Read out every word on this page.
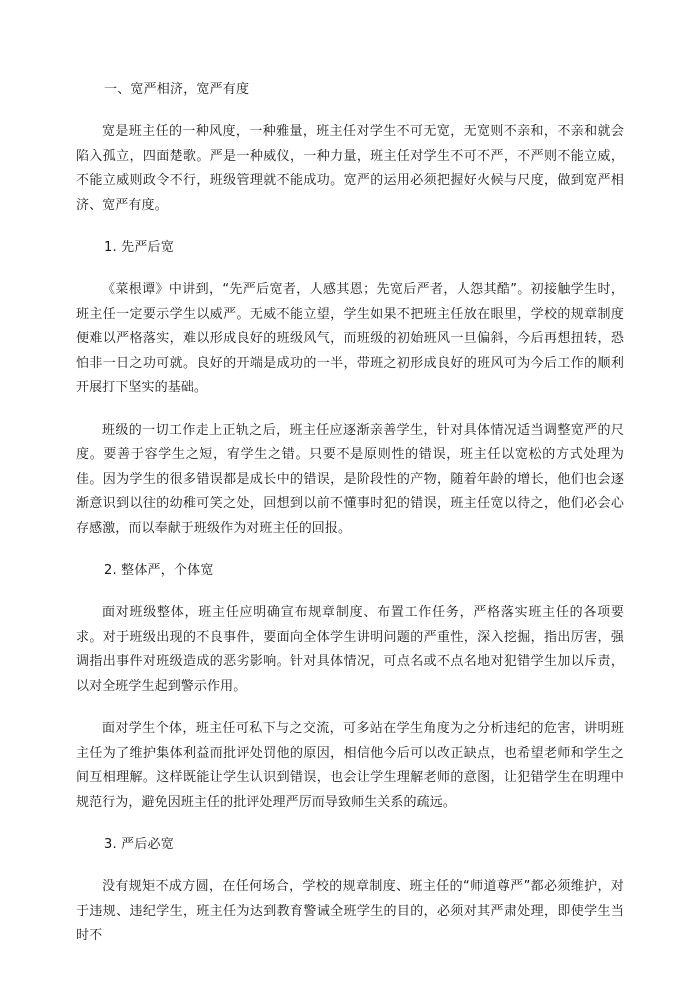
一、宽严相济，宽严有度

宽是班主任的一种风度，一种雅量，班主任对学生不可无宽，无宽则不亲和，不亲和就会陷入孤立，四面楚歌。严是一种威仪，一种力量，班主任对学生不可不严，不严则不能立威，不能立威则政令不行，班级管理就不能成功。宽严的运用必须把握好火候与尺度，做到宽严相济、宽严有度。

1. 先严后宽

《菜根谭》中讲到，“先严后宽者，人感其恩；先宽后严者，人怨其酷”。初接触学生时，班主任一定要示学生以威严。无威不能立望，学生如果不把班主任放在眼里，学校的规章制度便难以严格落实，难以形成良好的班级风气，而班级的初始班风一旦偏斜，今后再想扭转，恐怕非一日之功可就。良好的开端是成功的一半，带班之初形成良好的班风可为今后工作的顺利开展打下坚实的基础。

班级的一切工作走上正轨之后，班主任应逐渐亲善学生，针对具体情况适当调整宽严的尺度。要善于容学生之短，宥学生之错。只要不是原则性的错误，班主任以宽松的方式处理为佳。因为学生的很多错误都是成长中的错误，是阶段性的产物，随着年龄的增长，他们也会逐渐意识到以往的幼稚可笑之处，回想到以前不懂事时犯的错误，班主任宽以待之，他们必会心存感激，而以奉献于班级作为对班主任的回报。

2. 整体严，个体宽

面对班级整体，班主任应明确宣布规章制度、布置工作任务，严格落实班主任的各项要求。对于班级出现的不良事件，要面向全体学生讲明问题的严重性，深入挖掘，指出厉害，强调指出事件对班级造成的恶劣影响。针对具体情况，可点名或不点名地对犯错学生加以斥责，以对全班学生起到警示作用。

面对学生个体，班主任可私下与之交流，可多站在学生角度为之分析违纪的危害，讲明班主任为了维护集体利益而批评处罚他的原因，相信他今后可以改正缺点，也希望老师和学生之间互相理解。这样既能让学生认识到错误，也会让学生理解老师的意图，让犯错学生在明理中规范行为，避免因班主任的批评处理严厉而导致师生关系的疏远。

3. 严后必宽

没有规矩不成方圆，在任何场合，学校的规章制度、班主任的“师道尊严”都必须维护，对于违规、违纪学生，班主任为达到教育警诫全班学生的目的，必须对其严肃处理，即使学生当时不
